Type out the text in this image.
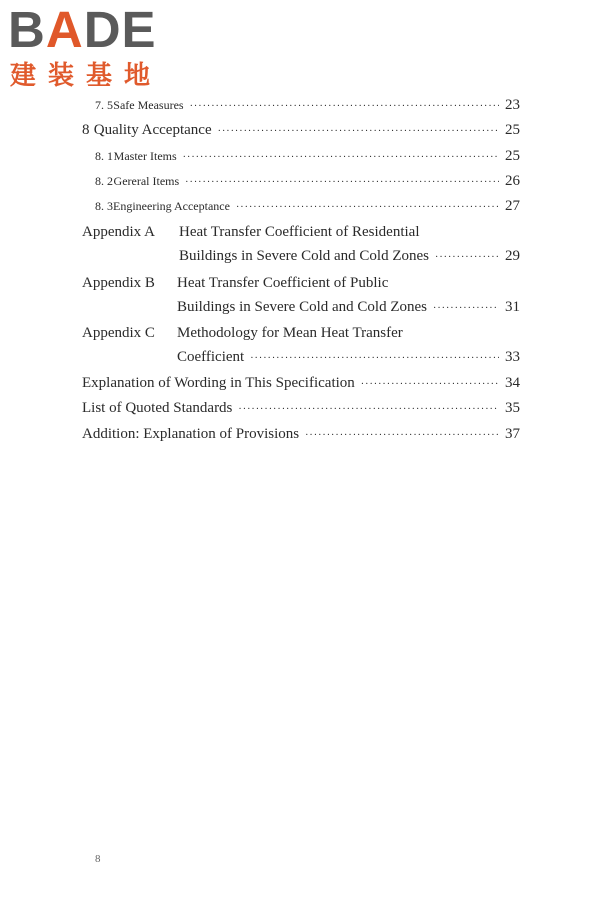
B A D E
建装基地
7. 5 Safe Measures ·····	23
8 Quality Acceptance ·····	25
8. 1 Master Items ·····	25
8. 2 Gereral Items ·····	26
8. 3 Engineering Acceptance ·····	27
Appendix A Heat Transfer Coefficient of Residential
Buildings in Severe Cold and Cold Zones ·····	29
Appendix B Heat Transfer Coefficient of Public
Buildings in Severe Cold and Cold Zones ·····	31
Appendix C Methodology for Mean Heat Transfer
Coefficient ·····	33
Explanation of Wording in This Specification ·····	34
List of Quoted Standards ·····	35
Addition: Explanation of Provisions ·····	37
8
